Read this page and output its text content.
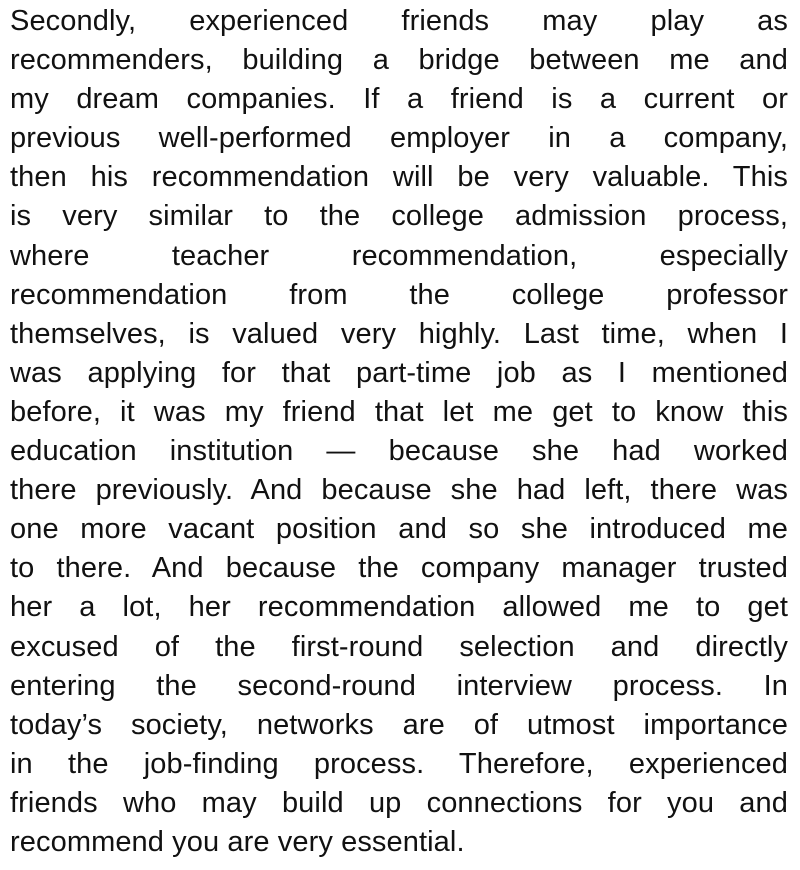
Secondly, experienced friends may play as
recommenders, building a bridge between me and
my dream companies. If a friend is a current or
previous well-performed employer in a company,
then his recommendation will be very valuable. This
is very similar to the college admission process,
where teacher recommendation, especially
recommendation from the college professor
themselves, is valued very highly. Last time, when I
was applying for that part-time job as I mentioned
before, it was my friend that let me get to know this
education institution — because she had worked
there previously. And because she had left, there was
one more vacant position and so she introduced me
to there. And because the company manager trusted
her a lot, her recommendation allowed me to get
excused of the first-round selection and directly
entering the second-round interview process. In
today’s society, networks are of utmost importance
in the job-finding process. Therefore, experienced
friends who may build up connections for you and
recommend you are very essential.
